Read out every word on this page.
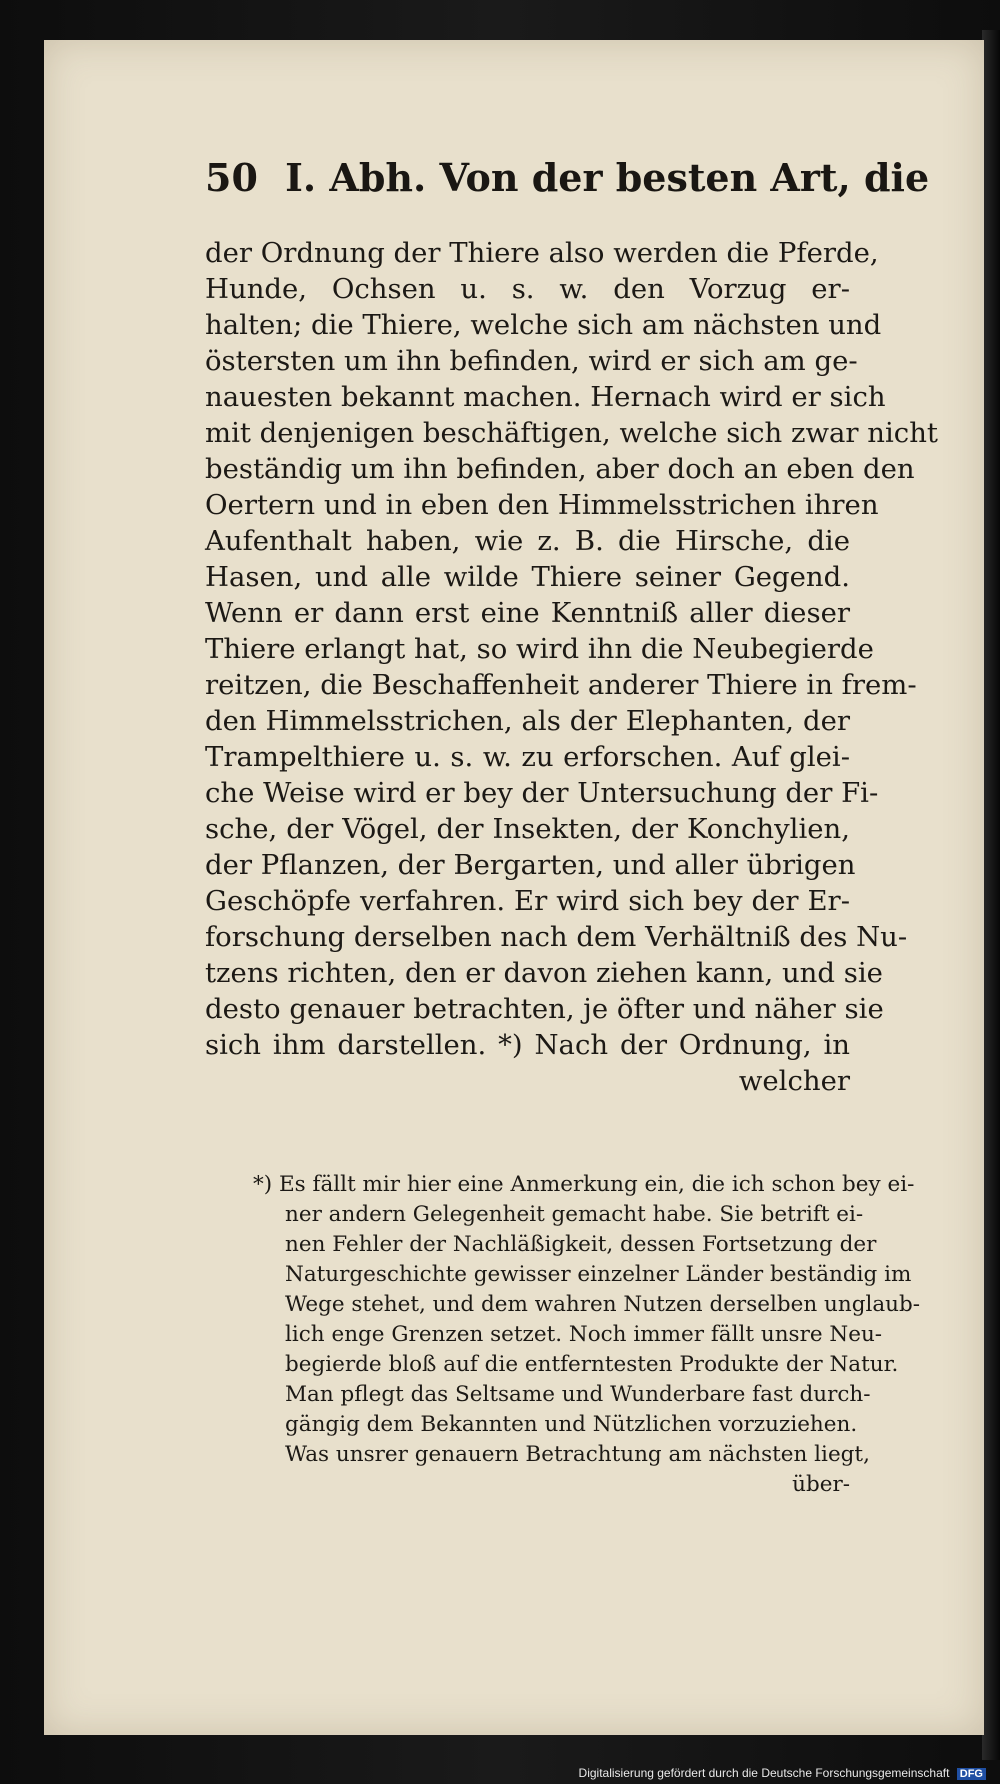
50 I. Abh. Von der besten Art, die
der Ordnung der Thiere also werden die Pferde,
Hunde, Ochsen u. s. w. den Vorzug er-
halten; die Thiere, welche sich am nächsten und
östersten um ihn befinden, wird er sich am ge-
nauesten bekannt machen. Hernach wird er sich
mit denjenigen beschäftigen, welche sich zwar nicht
beständig um ihn befinden, aber doch an eben den
Oertern und in eben den Himmelsstrichen ihren
Aufenthalt haben, wie z. B. die Hirsche, die
Hasen, und alle wilde Thiere seiner Gegend.
Wenn er dann erst eine Kenntniß aller dieser
Thiere erlangt hat, so wird ihn die Neubegierde
reitzen, die Beschaffenheit anderer Thiere in frem-
den Himmelsstrichen, als der Elephanten, der
Trampelthiere u. s. w. zu erforschen. Auf glei-
che Weise wird er bey der Untersuchung der Fi-
sche, der Vögel, der Insekten, der Konchylien,
der Pflanzen, der Bergarten, und aller übrigen
Geschöpfe verfahren. Er wird sich bey der Er-
forschung derselben nach dem Verhältniß des Nu-
tzens richten, den er davon ziehen kann, und sie
desto genauer betrachten, je öfter und näher sie
sich ihm darstellen. *) Nach der Ordnung, in
welcher
*) Es fällt mir hier eine Anmerkung ein, die ich schon bey ei-
ner andern Gelegenheit gemacht habe. Sie betrift ei-
nen Fehler der Nachläßigkeit, dessen Fortsetzung der
Naturgeschichte gewisser einzelner Länder beständig im
Wege stehet, und dem wahren Nutzen derselben unglaub-
lich enge Grenzen setzet. Noch immer fällt unsre Neu-
begierde bloß auf die entferntesten Produkte der Natur.
Man pflegt das Seltsame und Wunderbare fast durch-
gängig dem Bekannten und Nützlichen vorzuziehen.
Was unsrer genauern Betrachtung am nächsten liegt,
über-
Digitalisierung gefördert durch die Deutsche Forschungsgemeinschaft DFG
